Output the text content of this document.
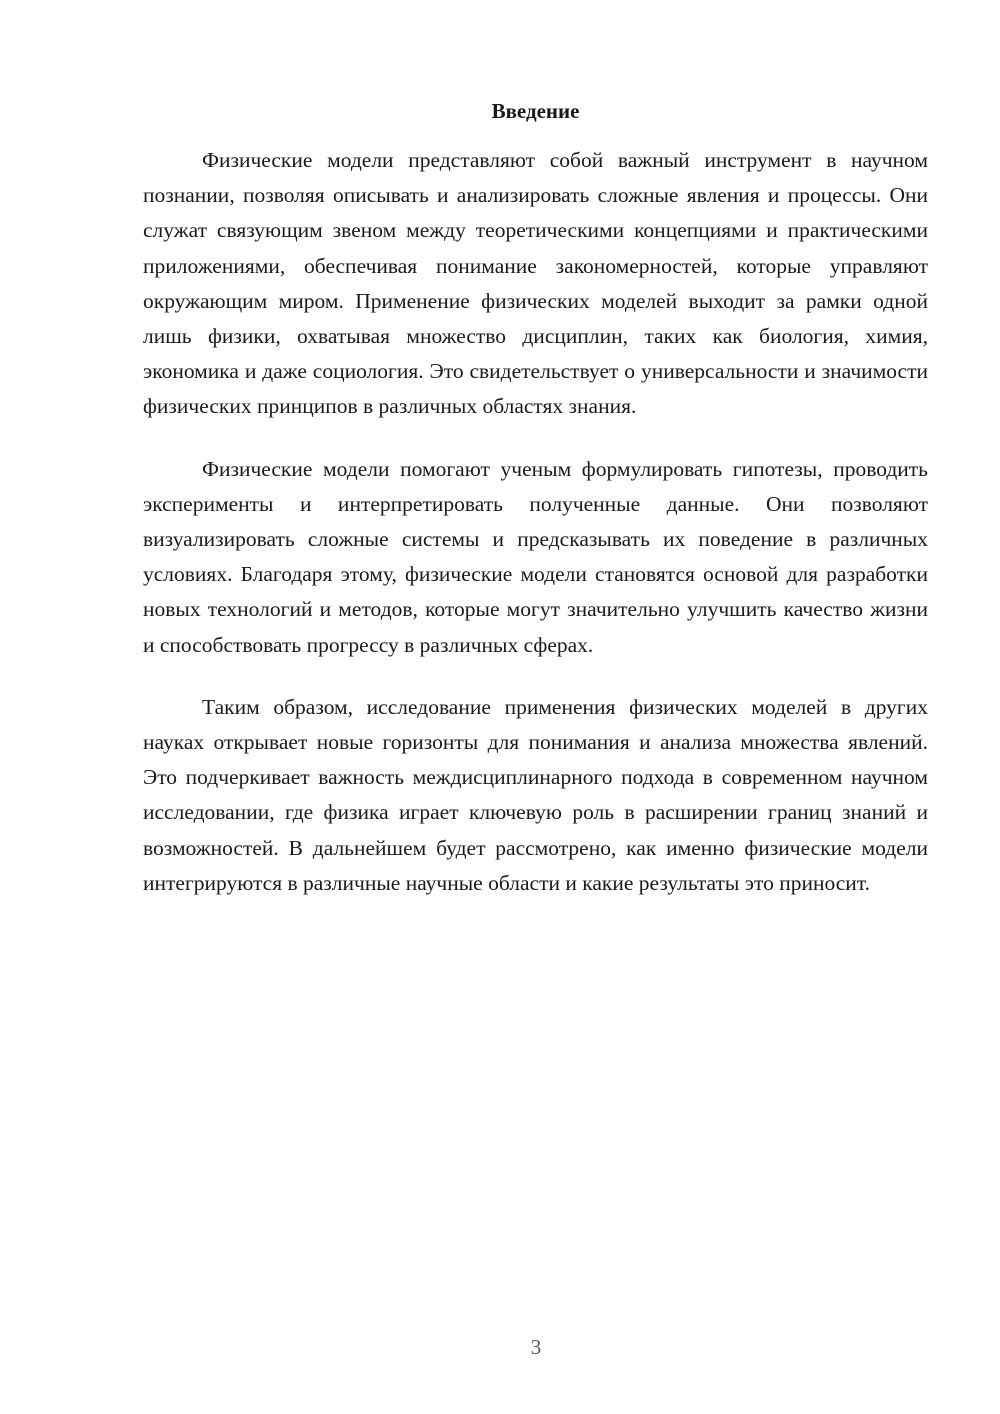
Введение

Физические модели представляют собой важный инструмент в научном познании, позволяя описывать и анализировать сложные явления и процессы. Они служат связующим звеном между теоретическими концепциями и практическими приложениями, обеспечивая понимание закономерностей, которые управляют окружающим миром. Применение физических моделей выходит за рамки одной лишь физики, охватывая множество дисциплин, таких как биология, химия, экономика и даже социология. Это свидетельствует о универсальности и значимости физических принципов в различных областях знания.

Физические модели помогают ученым формулировать гипотезы, проводить эксперименты и интерпретировать полученные данные. Они позволяют визуализировать сложные системы и предсказывать их поведение в различных условиях. Благодаря этому, физические модели становятся основой для разработки новых технологий и методов, которые могут значительно улучшить качество жизни и способствовать прогрессу в различных сферах.

Таким образом, исследование применения физических моделей в других науках открывает новые горизонты для понимания и анализа множества явлений. Это подчеркивает важность междисциплинарного подхода в современном научном исследовании, где физика играет ключевую роль в расширении границ знаний и возможностей. В дальнейшем будет рассмотрено, как именно физические модели интегрируются в различные научные области и какие результаты это приносит.

3
